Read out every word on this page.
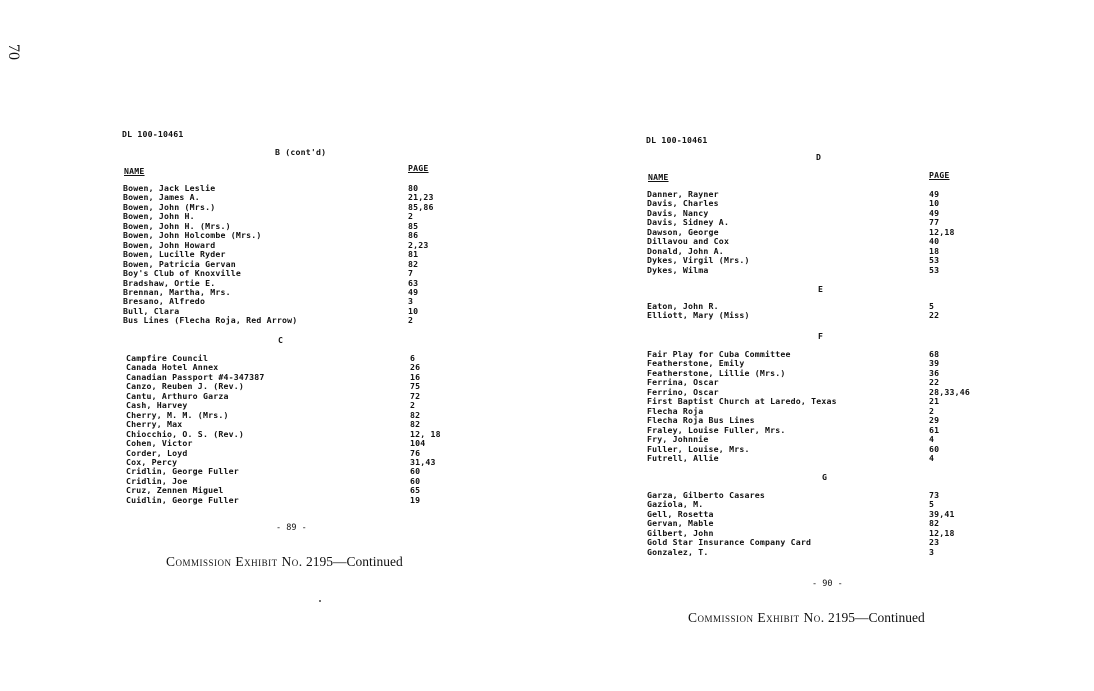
70
DL 100-10461
B (cont'd)
NAME	PAGE
Bowen, Jack Leslie	80
Bowen, James A.	21,23
Bowen, John (Mrs.)	85,86
Bowen, John H.	2
Bowen, John H. (Mrs.)	85
Bowen, John Holcombe (Mrs.)	86
Bowen, John Howard	2,23
Bowen, Lucille Ryder	81
Bowen, Patricia Gervan	82
Boy's Club of Knoxville	7
Bradshaw, Ortie E.	63
Brennan, Martha, Mrs.	49
Bresano, Alfredo	3
Bull, Clara	10
Bus Lines (Flecha Roja, Red Arrow)	2
C
Campfire Council	6
Canada Hotel Annex	26
Canadian Passport #4-347387	16
Canzo, Reuben J. (Rev.)	75
Cantu, Arthuro Garza	72
Cash, Harvey	2
Cherry, M. M. (Mrs.)	82
Cherry, Max	82
Chiocchio, O. S. (Rev.)	12, 18
Cohen, Victor	104
Corder, Loyd	76
Cox, Percy	31,43
Cridlin, George Fuller	60
Cridlin, Joe	60
Cruz, Zennen Miguel	65
Cuidlin, George Fuller	19
- 89 -
Commission Exhibit No. 2195—Continued
DL 100-10461
NAME	PAGE
D
Danner, Rayner	49
Davis, Charles	10
Davis, Nancy	49
Davis, Sidney A.	77
Dawson, George	12,18
Dillavou and Cox	40
Donald, John A.	18
Dykes, Virgil (Mrs.)	53
Dykes, Wilma	53
E
Eaton, John R.	5
Elliott, Mary (Miss)	22
F
Fair Play for Cuba Committee	68
Featherstone, Emily	39
Featherstone, Lillie (Mrs.)	36
Ferrina, Oscar	22
Ferrino, Oscar	28,33,46
First Baptist Church at Laredo, Texas	21
Flecha Roja	2
Flecha Roja Bus Lines	29
Fraley, Louise Fuller, Mrs.	61
Fry, Johnnie	4
Fuller, Louise, Mrs.	60
Futrell, Allie	4
G
Garza, Gilberto Casares	73
Gaziola, M.	5
Gell, Rosetta	39,41
Gervan, Mable	82
Gilbert, John	12,18
Gold Star Insurance Company Card	23
Gonzalez, T.	3
- 90 -
Commission Exhibit No. 2195—Continued
